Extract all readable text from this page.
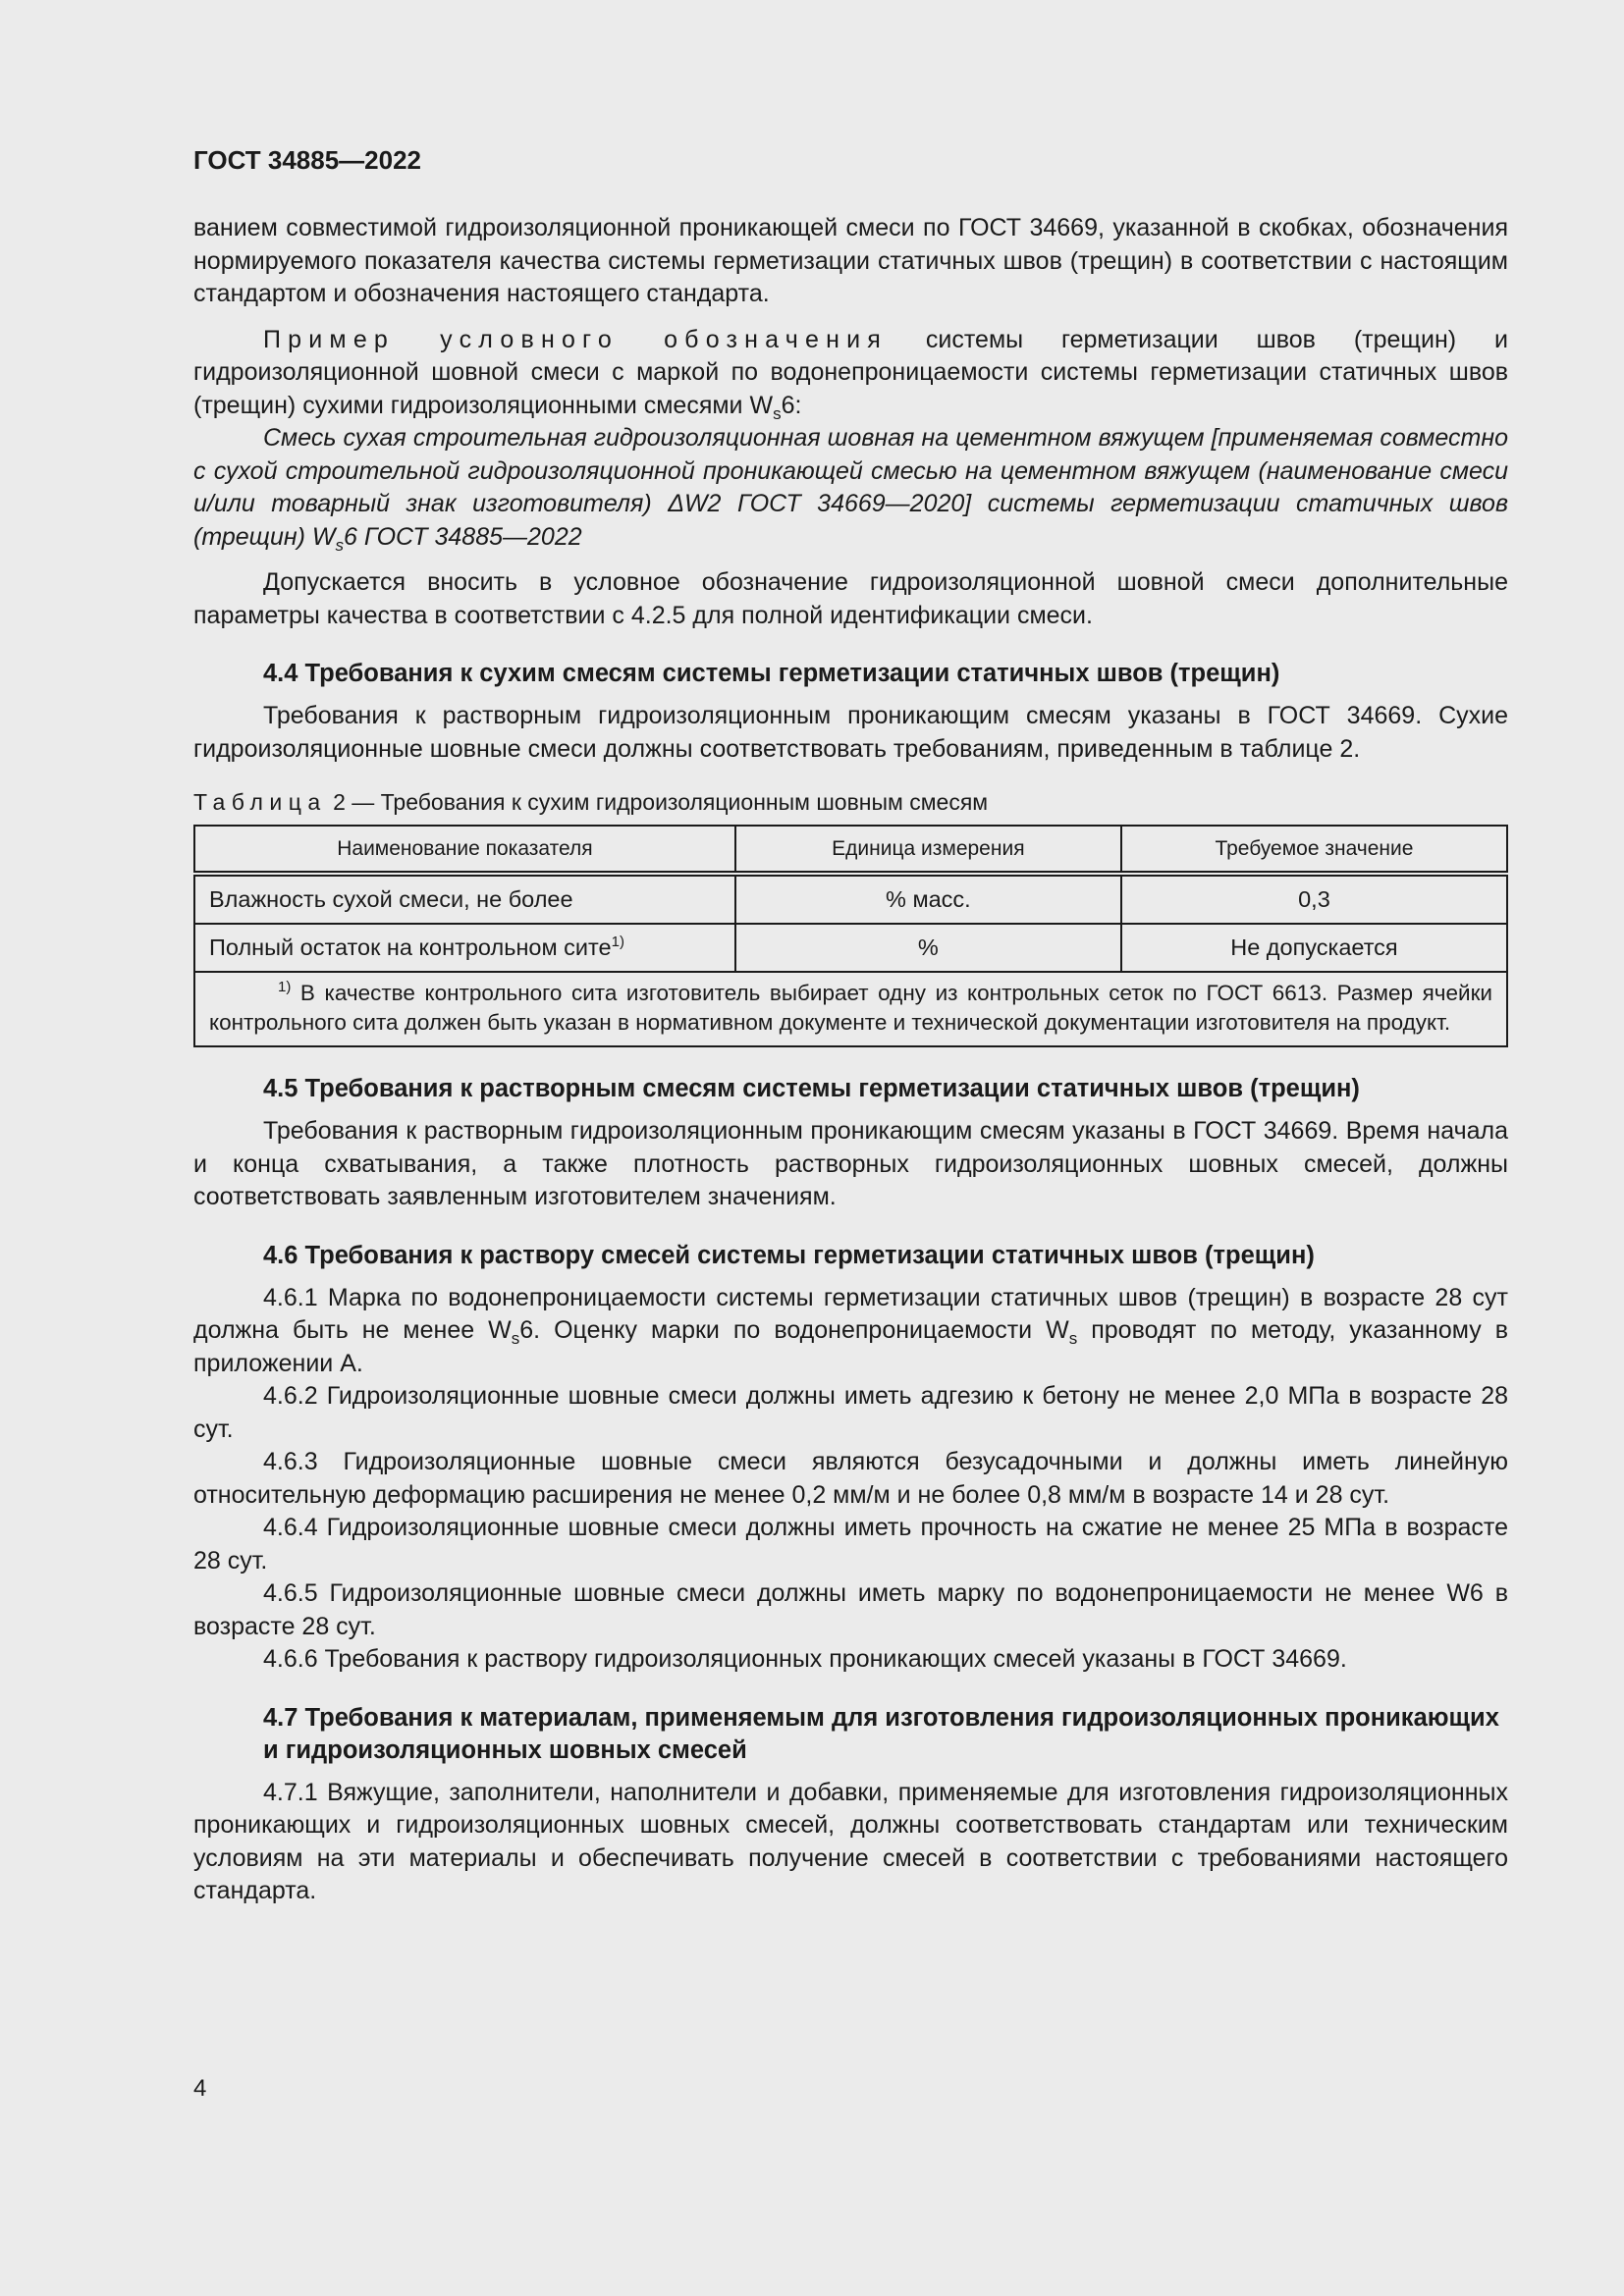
ГОСТ 34885—2022

ванием совместимой гидроизоляционной проникающей смеси по ГОСТ 34669, указанной в скобках, обозначения нормируемого показателя качества системы герметизации статичных швов (трещин) в соответствии с настоящим стандартом и обозначения настоящего стандарта.

Пример условного обозначения системы герметизации швов (трещин) и гидроизоляционной шовной смеси с маркой по водонепроницаемости системы герметизации статичных швов (трещин) сухими гидроизоляционными смесями $W_s6$:

Смесь сухая строительная гидроизоляционная шовная на цементном вяжущем [применяемая совместно с сухой строительной гидроизоляционной проникающей смесью на цементном вяжущем (наименование смеси и/или товарный знак изготовителя) ΔW2 ГОСТ 34669—2020] системы герметизации статичных швов (трещин) $W_s6$ ГОСТ 34885—2022

Допускается вносить в условное обозначение гидроизоляционной шовной смеси дополнительные параметры качества в соответствии с 4.2.5 для полной идентификации смеси.

4.4 Требования к сухим смесям системы герметизации статичных швов (трещин)

Требования к растворным гидроизоляционным проникающим смесям указаны в ГОСТ 34669. Сухие гидроизоляционные шовные смеси должны соответствовать требованиям, приведенным в таблице 2.

Таблица 2 — Требования к сухим гидроизоляционным шовным смесям
Наименование показателя	Единица измерения	Требуемое значение
Влажность сухой смеси, не более	% масс.	0,3
Полный остаток на контрольном сите$^{1)}$	%	Не допускается
$^{1)}$ В качестве контрольного сита изготовитель выбирает одну из контрольных сеток по ГОСТ 6613. Размер ячейки контрольного сита должен быть указан в нормативном документе и технической документации изготовителя на продукт.		
4.5 Требования к растворным смесям системы герметизации статичных швов (трещин)

Требования к растворным гидроизоляционным проникающим смесям указаны в ГОСТ 34669. Время начала и конца схватывания, а также плотность растворных гидроизоляционных шовных смесей, должны соответствовать заявленным изготовителем значениям.

4.6 Требования к раствору смесей системы герметизации статичных швов (трещин)

4.6.1 Марка по водонепроницаемости системы герметизации статичных швов (трещин) в возрасте 28 сут должна быть не менее $W_s6$. Оценку марки по водонепроницаемости $W_s$ проводят по методу, указанному в приложении А.

4.6.2 Гидроизоляционные шовные смеси должны иметь адгезию к бетону не менее 2,0 МПа в возрасте 28 сут.

4.6.3 Гидроизоляционные шовные смеси являются безусадочными и должны иметь линейную относительную деформацию расширения не менее 0,2 мм/м и не более 0,8 мм/м в возрасте 14 и 28 сут.

4.6.4 Гидроизоляционные шовные смеси должны иметь прочность на сжатие не менее 25 МПа в возрасте 28 сут.

4.6.5 Гидроизоляционные шовные смеси должны иметь марку по водонепроницаемости не менее W6 в возрасте 28 сут.

4.6.6 Требования к раствору гидроизоляционных проникающих смесей указаны в ГОСТ 34669.

4.7 Требования к материалам, применяемым для изготовления гидроизоляционных проникающих и гидроизоляционных шовных смесей

4.7.1 Вяжущие, заполнители, наполнители и добавки, применяемые для изготовления гидроизоляционных проникающих и гидроизоляционных шовных смесей, должны соответствовать стандартам или техническим условиям на эти материалы и обеспечивать получение смесей в соответствии с требованиями настоящего стандарта.

4
